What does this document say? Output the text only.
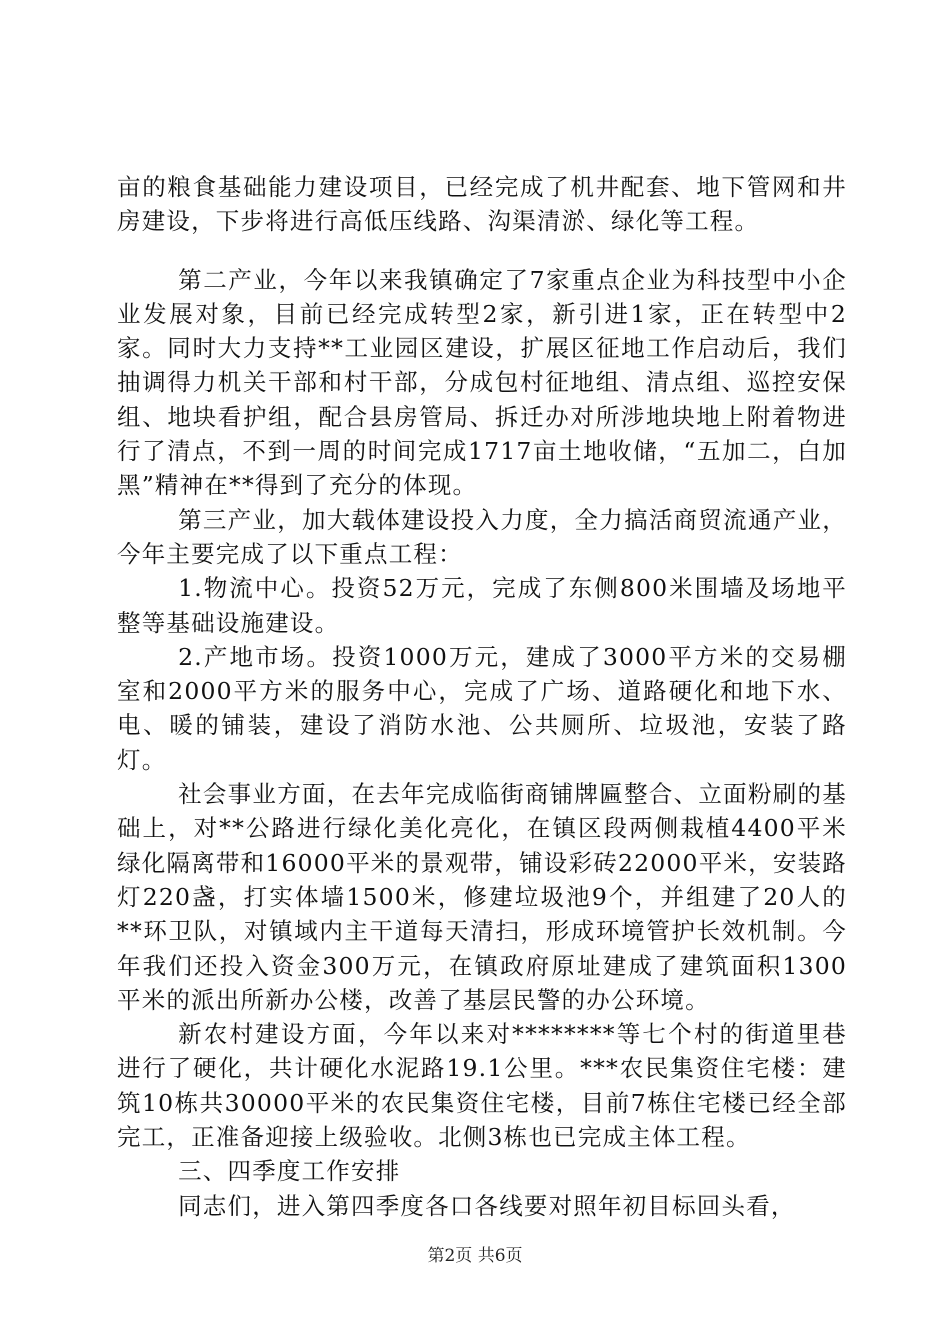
亩的粮食基础能力建设项目，已经完成了机井配套、地下管网和井房建设，下步将进行高低压线路、沟渠清淤、绿化等工程。

第二产业，今年以来我镇确定了7家重点企业为科技型中小企业发展对象，目前已经完成转型2家，新引进1家，正在转型中2家。同时大力支持**工业园区建设，扩展区征地工作启动后，我们抽调得力机关干部和村干部，分成包村征地组、清点组、巡控安保组、地块看护组，配合县房管局、拆迁办对所涉地块地上附着物进行了清点，不到一周的时间完成1717亩土地收储，“五加二，白加黑”精神在**得到了充分的体现。

第三产业，加大载体建设投入力度，全力搞活商贸流通产业，今年主要完成了以下重点工程：

1.物流中心。投资52万元，完成了东侧800米围墙及场地平整等基础设施建设。

2.产地市场。投资1000万元，建成了3000平方米的交易棚室和2000平方米的服务中心，完成了广场、道路硬化和地下水、电、暖的铺装，建设了消防水池、公共厕所、垃圾池，安装了路灯。

社会事业方面，在去年完成临街商铺牌匾整合、立面粉刷的基础上，对**公路进行绿化美化亮化，在镇区段两侧栽植4400平米绿化隔离带和16000平米的景观带，铺设彩砖22000平米，安装路灯220盏，打实体墙1500米，修建垃圾池9个，并组建了20人的**环卫队，对镇域内主干道每天清扫，形成环境管护长效机制。今年我们还投入资金300万元，在镇政府原址建成了建筑面积1300平米的派出所新办公楼，改善了基层民警的办公环境。

新农村建设方面，今年以来对********等七个村的街道里巷进行了硬化，共计硬化水泥路19.1公里。***农民集资住宅楼：建筑10栋共30000平米的农民集资住宅楼，目前7栋住宅楼已经全部完工，正准备迎接上级验收。北侧3栋也已完成主体工程。

三、四季度工作安排

同志们，进入第四季度各口各线要对照年初目标回头看，

第2页 共6页
